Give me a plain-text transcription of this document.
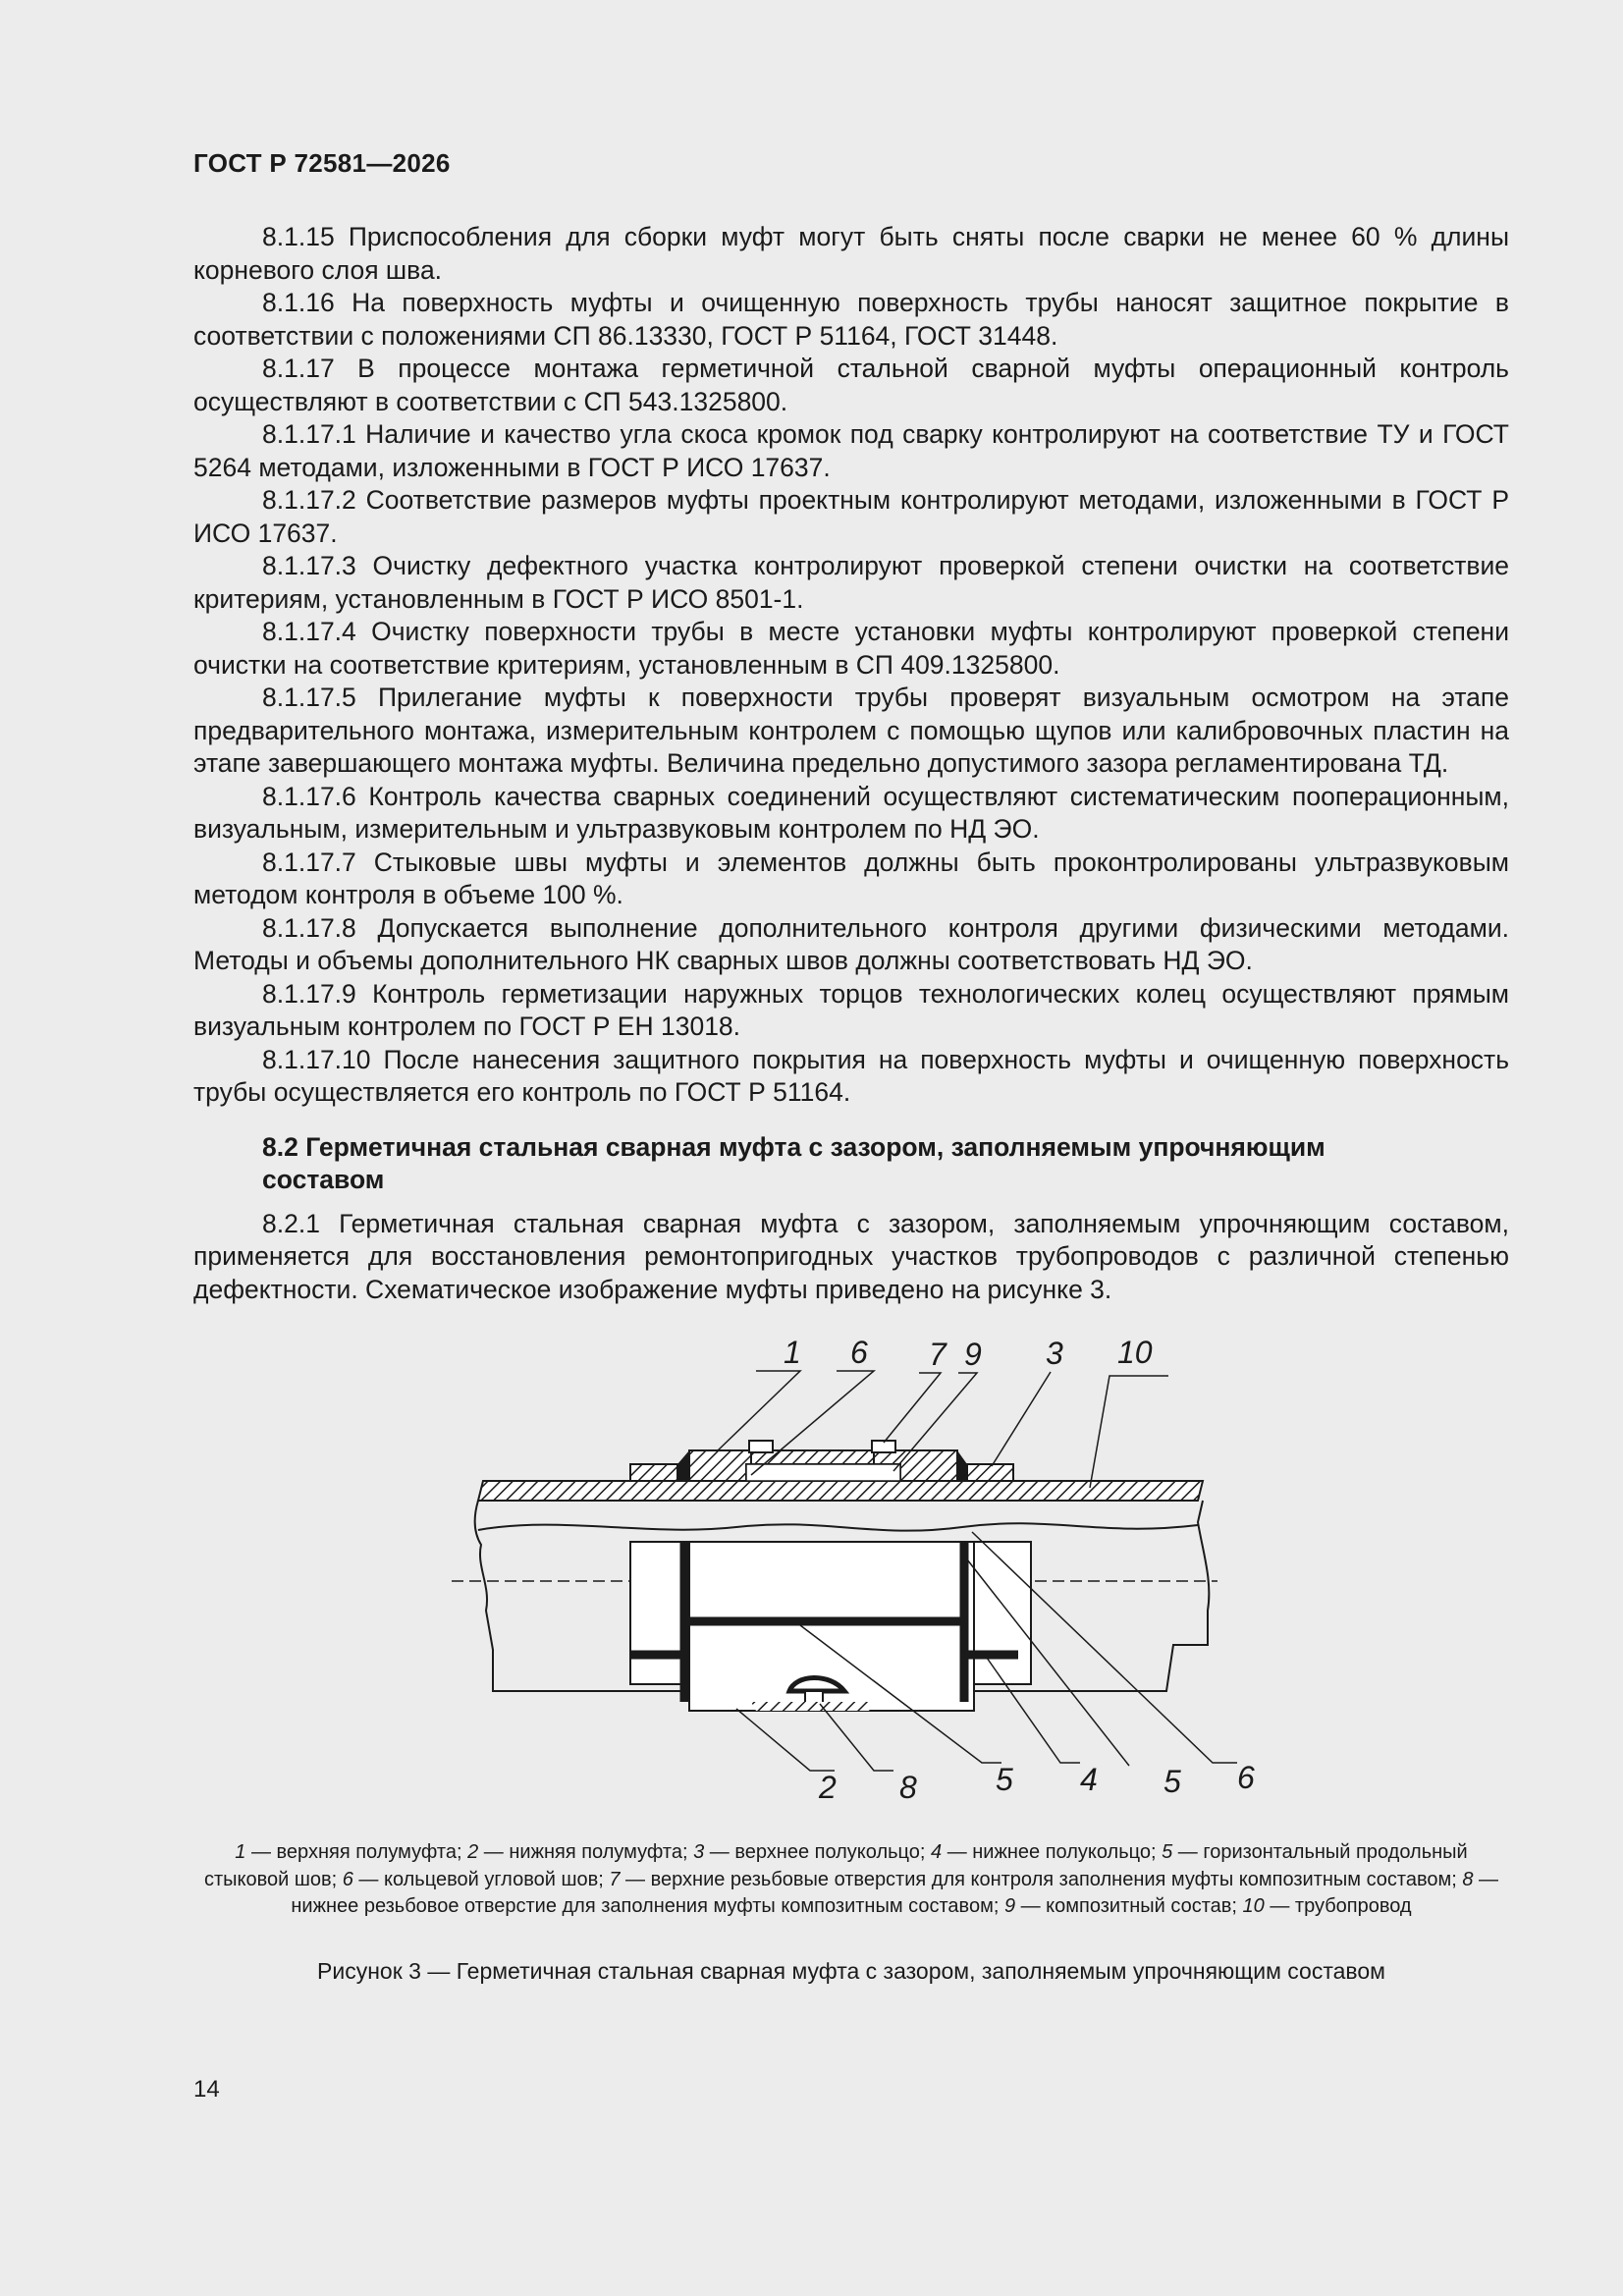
ГОСТ Р 72581—2026

8.1.15 Приспособления для сборки муфт могут быть сняты после сварки не менее 60 % длины корневого слоя шва.

8.1.16 На поверхность муфты и очищенную поверхность трубы наносят защитное покрытие в соответствии с положениями СП 86.13330, ГОСТ Р 51164, ГОСТ 31448.

8.1.17 В процессе монтажа герметичной стальной сварной муфты операционный контроль осуществляют в соответствии с СП 543.1325800.

8.1.17.1 Наличие и качество угла скоса кромок под сварку контролируют на соответствие ТУ и ГОСТ 5264 методами, изложенными в ГОСТ Р ИСО 17637.

8.1.17.2 Соответствие размеров муфты проектным контролируют методами, изложенными в ГОСТ Р ИСО 17637.

8.1.17.3 Очистку дефектного участка контролируют проверкой степени очистки на соответствие критериям, установленным в ГОСТ Р ИСО 8501-1.

8.1.17.4 Очистку поверхности трубы в месте установки муфты контролируют проверкой степени очистки на соответствие критериям, установленным в СП 409.1325800.

8.1.17.5 Прилегание муфты к поверхности трубы проверят визуальным осмотром на этапе предварительного монтажа, измерительным контролем с помощью щупов или калибровочных пластин на этапе завершающего монтажа муфты. Величина предельно допустимого зазора регламентирована ТД.

8.1.17.6 Контроль качества сварных соединений осуществляют систематическим пооперационным, визуальным, измерительным и ультразвуковым контролем по НД ЭО.

8.1.17.7 Стыковые швы муфты и элементов должны быть проконтролированы ультразвуковым методом контроля в объеме 100 %.

8.1.17.8 Допускается выполнение дополнительного контроля другими физическими методами. Методы и объемы дополнительного НК сварных швов должны соответствовать НД ЭО.

8.1.17.9 Контроль герметизации наружных торцов технологических колец осуществляют прямым визуальным контролем по ГОСТ Р ЕН 13018.

8.1.17.10 После нанесения защитного покрытия на поверхность муфты и очищенную поверхность трубы осуществляется его контроль по ГОСТ Р 51164.

8.2 Герметичная стальная сварная муфта с зазором, заполняемым упрочняющим составом

8.2.1 Герметичная стальная сварная муфта с зазором, заполняемым упрочняющим составом, применяется для восстановления ремонтопригодных участков трубопроводов с различной степенью дефектности. Схематическое изображение муфты приведено на рисунке 3.

1 6 7 9 3 10
2 8	5 4 5 6
1 — верхняя полумуфта; 2 — нижняя полумуфта; 3 — верхнее полукольцо; 4 — нижнее полукольцо; 5 — горизонтальный продольный стыковой шов; 6 — кольцевой угловой шов; 7 — верхние резьбовые отверстия для контроля заполнения муфты композитным составом; 8 — нижнее резьбовое отверстие для заполнения муфты композитным составом; 9 — композитный состав; 10 — трубопровод
Рисунок 3 — Герметичная стальная сварная муфта с зазором, заполняемым упрочняющим составом
14
